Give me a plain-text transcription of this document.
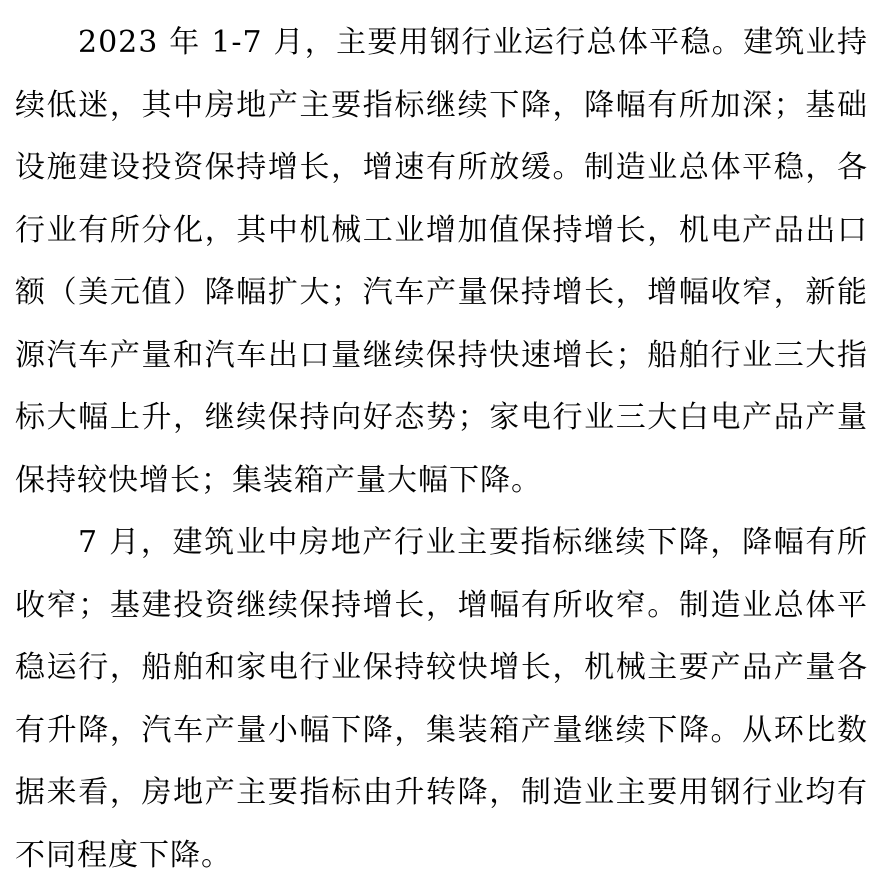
2023 年 1-7 月，主要用钢行业运行总体平稳。建筑业持
续低迷，其中房地产主要指标继续下降，降幅有所加深；基础
设施建设投资保持增长，增速有所放缓。制造业总体平稳，各
行业有所分化，其中机械工业增加值保持增长，机电产品出口
额（美元值）降幅扩大；汽车产量保持增长，增幅收窄，新能
源汽车产量和汽车出口量继续保持快速增长；船舶行业三大指
标大幅上升，继续保持向好态势；家电行业三大白电产品产量
保持较快增长；集装箱产量大幅下降。
7 月，建筑业中房地产行业主要指标继续下降，降幅有所
收窄；基建投资继续保持增长，增幅有所收窄。制造业总体平
稳运行，船舶和家电行业保持较快增长，机械主要产品产量各
有升降，汽车产量小幅下降，集装箱产量继续下降。从环比数
据来看，房地产主要指标由升转降，制造业主要用钢行业均有
不同程度下降。
